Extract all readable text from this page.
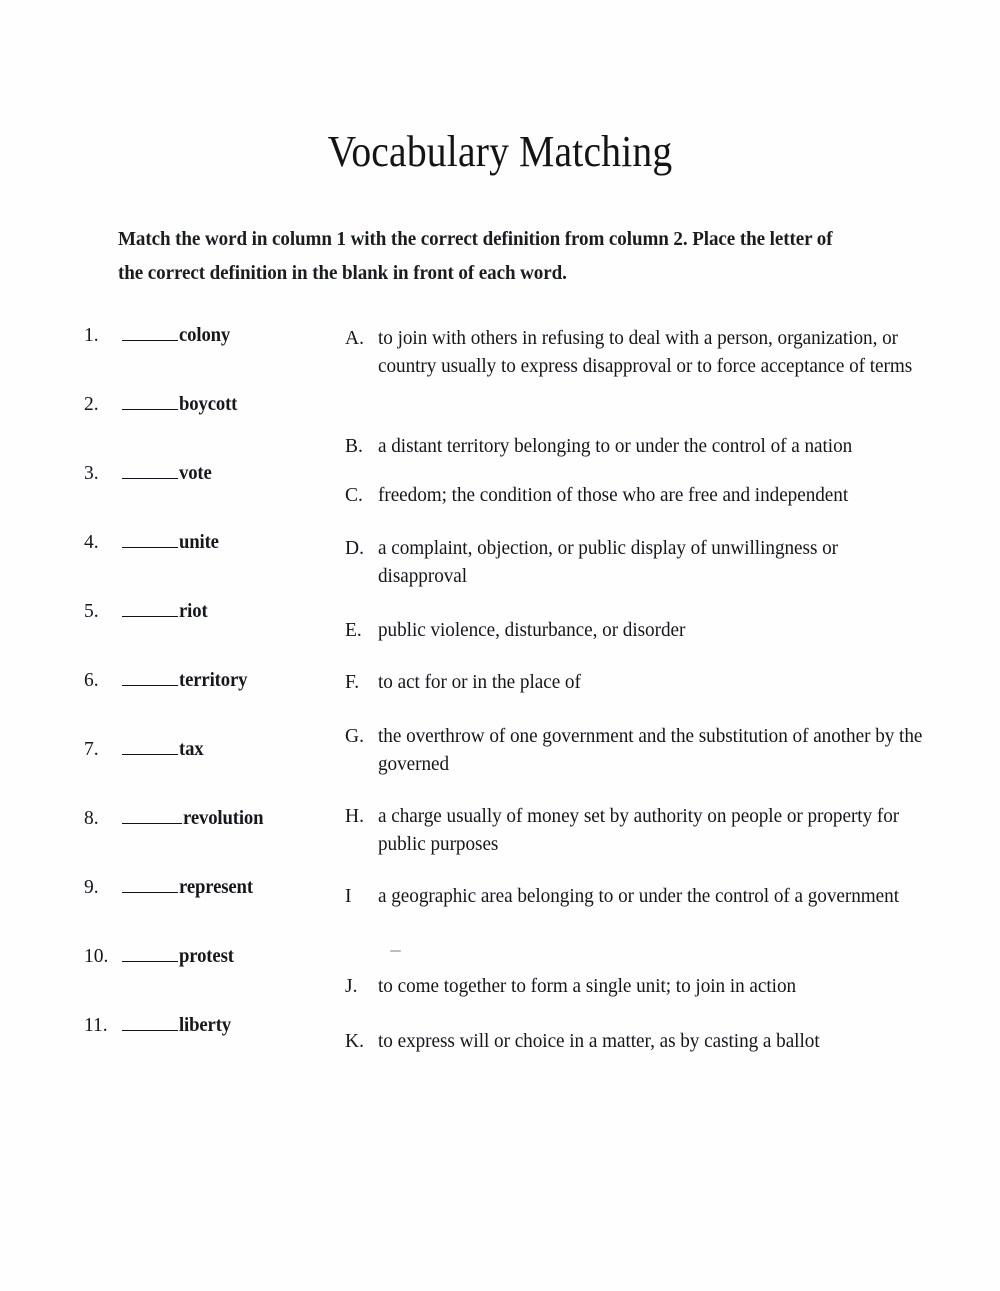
Vocabulary Matching
Match the word in column 1 with the correct definition from column 2. Place the letter of the correct definition in the blank in front of each word.
1.	colony
2.	boycott
3.	vote
4.	unite
5.	riot
6.	territory
7.	tax
8.	revolution
9.	represent
10.	protest
11.	liberty
A. to join with others in refusing to deal with a person, organization, or country usually to express disapproval or to force acceptance of terms
B. a distant territory belonging to or under the control of a nation
C. freedom; the condition of those who are free and independent
D. a complaint, objection, or public display of unwillingness or disapproval
E. public violence, disturbance, or disorder
F. to act for or in the place of
G. the overthrow of one government and the substitution of another by the governed
H. a charge usually of money set by authority on people or property for public purposes
I	a geographic area belonging to or under the control of a government
J.	to come together to form a single unit; to join in action
K. to express will or choice in a matter, as by casting a ballot
